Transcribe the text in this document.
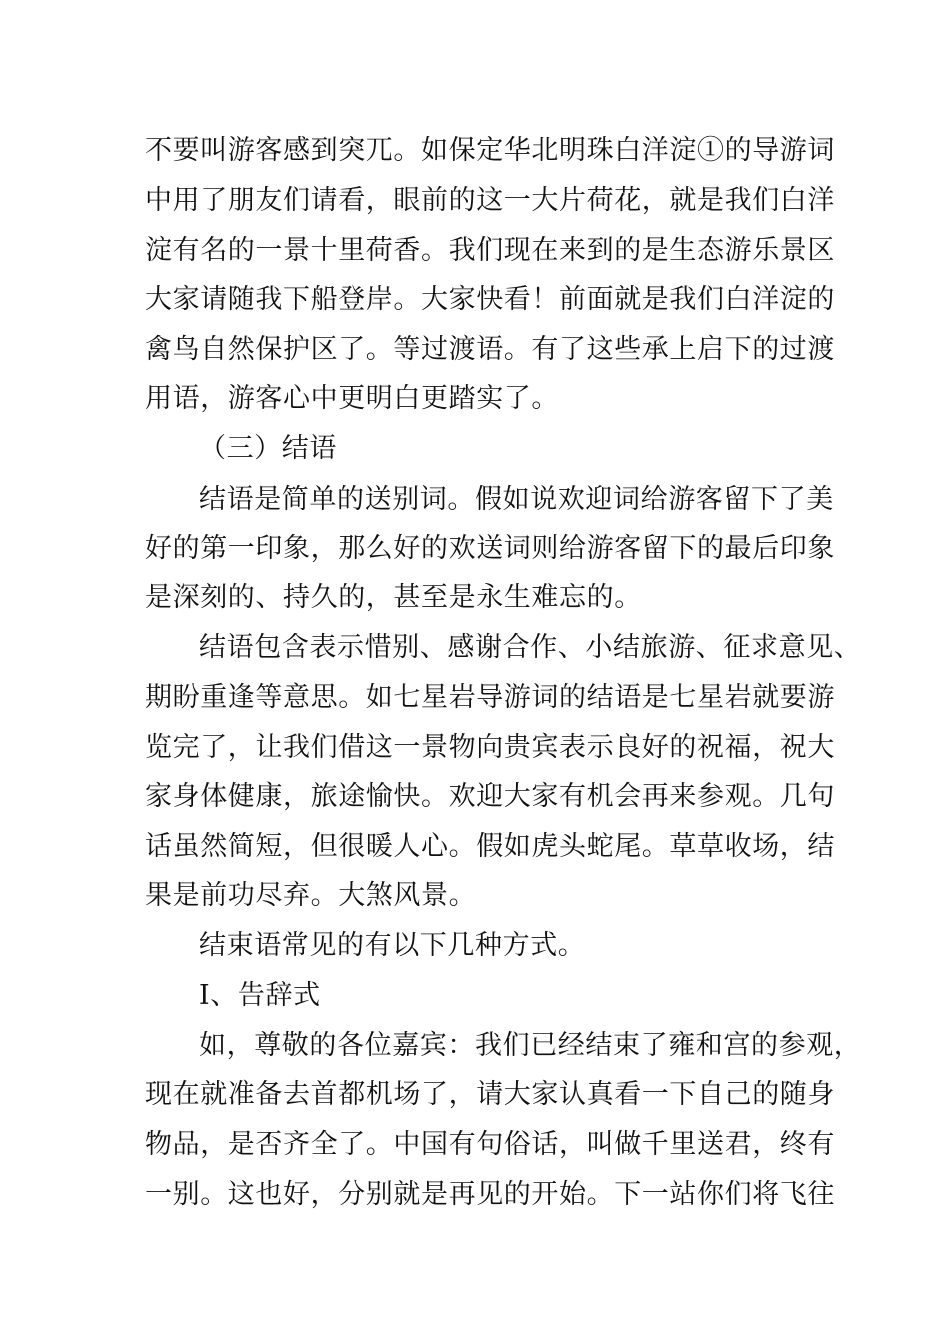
不要叫游客感到突兀。如保定华北明珠白洋淀①的导游词
中用了朋友们请看，眼前的这一大片荷花，就是我们白洋
淀有名的一景十里荷香。我们现在来到的是生态游乐景区
大家请随我下船登岸。大家快看！前面就是我们白洋淀的
禽鸟自然保护区了。等过渡语。有了这些承上启下的过渡
用语，游客心中更明白更踏实了。
（三）结语
结语是简单的送别词。假如说欢迎词给游客留下了美
好的第一印象，那么好的欢送词则给游客留下的最后印象
是深刻的、持久的，甚至是永生难忘的。
结语包含表示惜别、感谢合作、小结旅游、征求意见、
期盼重逢等意思。如七星岩导游词的结语是七星岩就要游
览完了，让我们借这一景物向贵宾表示良好的祝福，祝大
家身体健康，旅途愉快。欢迎大家有机会再来参观。几句
话虽然简短，但很暖人心。假如虎头蛇尾。草草收场，结
果是前功尽弃。大煞风景。
结束语常见的有以下几种方式。
I、告辞式
如，尊敬的各位嘉宾：我们已经结束了雍和宫的参观，
现在就准备去首都机场了，请大家认真看一下自己的随身
物品，是否齐全了。中国有句俗话，叫做千里送君，终有
一别。这也好，分别就是再见的开始。下一站你们将飞往
